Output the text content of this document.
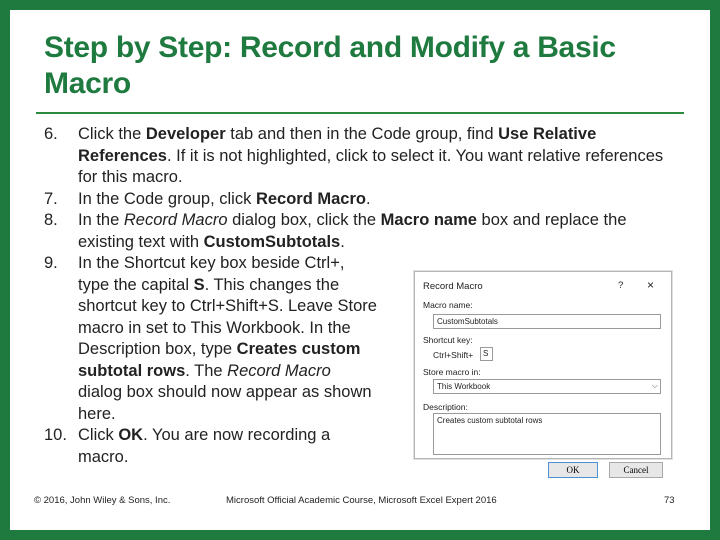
Step by Step: Record and Modify a Basic Macro
6. Click the Developer tab and then in the Code group, find Use Relative References. If it is not highlighted, click to select it. You want relative references for this macro.
7. In the Code group, click Record Macro.
8. In the Record Macro dialog box, click the Macro name box and replace the existing text with CustomSubtotals.
9. In the Shortcut key box beside Ctrl+, type the capital S. This changes the shortcut key to Ctrl+Shift+S. Leave Store macro in set to This Workbook. In the Description box, type Creates custom subtotal rows. The Record Macro dialog box should now appear as shown here.
10. Click OK. You are now recording a macro.
Record Macro	? ×
Macro name:
CustomSubtotals
Shortcut key:
Ctrl+Shift+	S
Store macro in:
This Workbook	⌵
Description:
Creates custom subtotal rows
OK	Cancel
© 2016, John Wiley & Sons, Inc.	Microsoft Official Academic Course, Microsoft Excel Expert 2016	73
